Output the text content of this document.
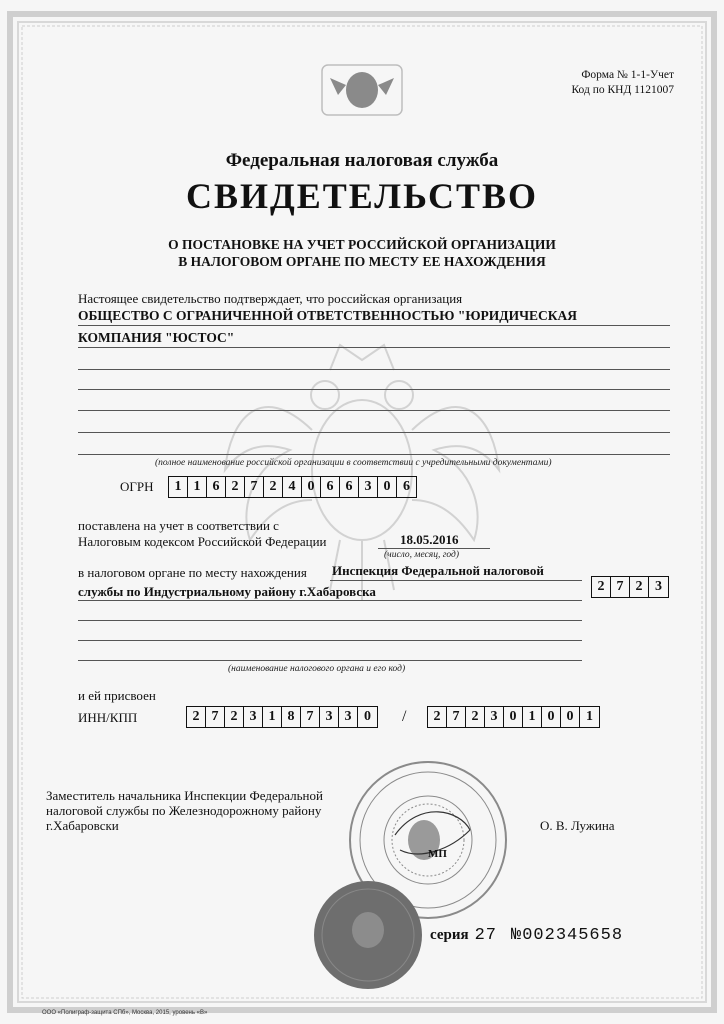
Форма № 1-1-Учет
Код по КНД 1121007
Федеральная налоговая служба
СВИДЕТЕЛЬСТВО
О ПОСТАНОВКЕ НА УЧЕТ РОССИЙСКОЙ ОРГАНИЗАЦИИ
В НАЛОГОВОМ ОРГАНЕ ПО МЕСТУ ЕЕ НАХОЖДЕНИЯ
Настоящее свидетельство подтверждает, что российская организация
ОБЩЕСТВО С ОГРАНИЧЕННОЙ ОТВЕТСТВЕННОСТЬЮ "ЮРИДИЧЕСКАЯ
КОМПАНИЯ "ЮСТОС"
(полное наименование российской организации в соответствии с учредительными документами)
ОГРН	1 1 6 2 7 2 4 0 6 6 3 0 6
поставлена на учет в соответствии с
Налоговым кодексом Российской Федерации	18.05.2016
(число, месяц, год)
в налоговом органе по месту нахождения Инспекция Федеральной налоговой
службы по Индустриальному району г.Хабаровска	2 7 2 3
(наименование налогового органа и его код)
и ей присвоен
ИНН/КПП	2 7 2 3 1 8 7 3 3 0	/	2 7 2 3 0 1 0 0 1
Заместитель начальника Инспекции Федеральной
налоговой службы по Железнодорожному району
г.Хабаровски	О. В. Лужина
МП
серия 27 №002345658
ООО «Полиграф-защита СПб», Москва, 2015, уровень «В»
